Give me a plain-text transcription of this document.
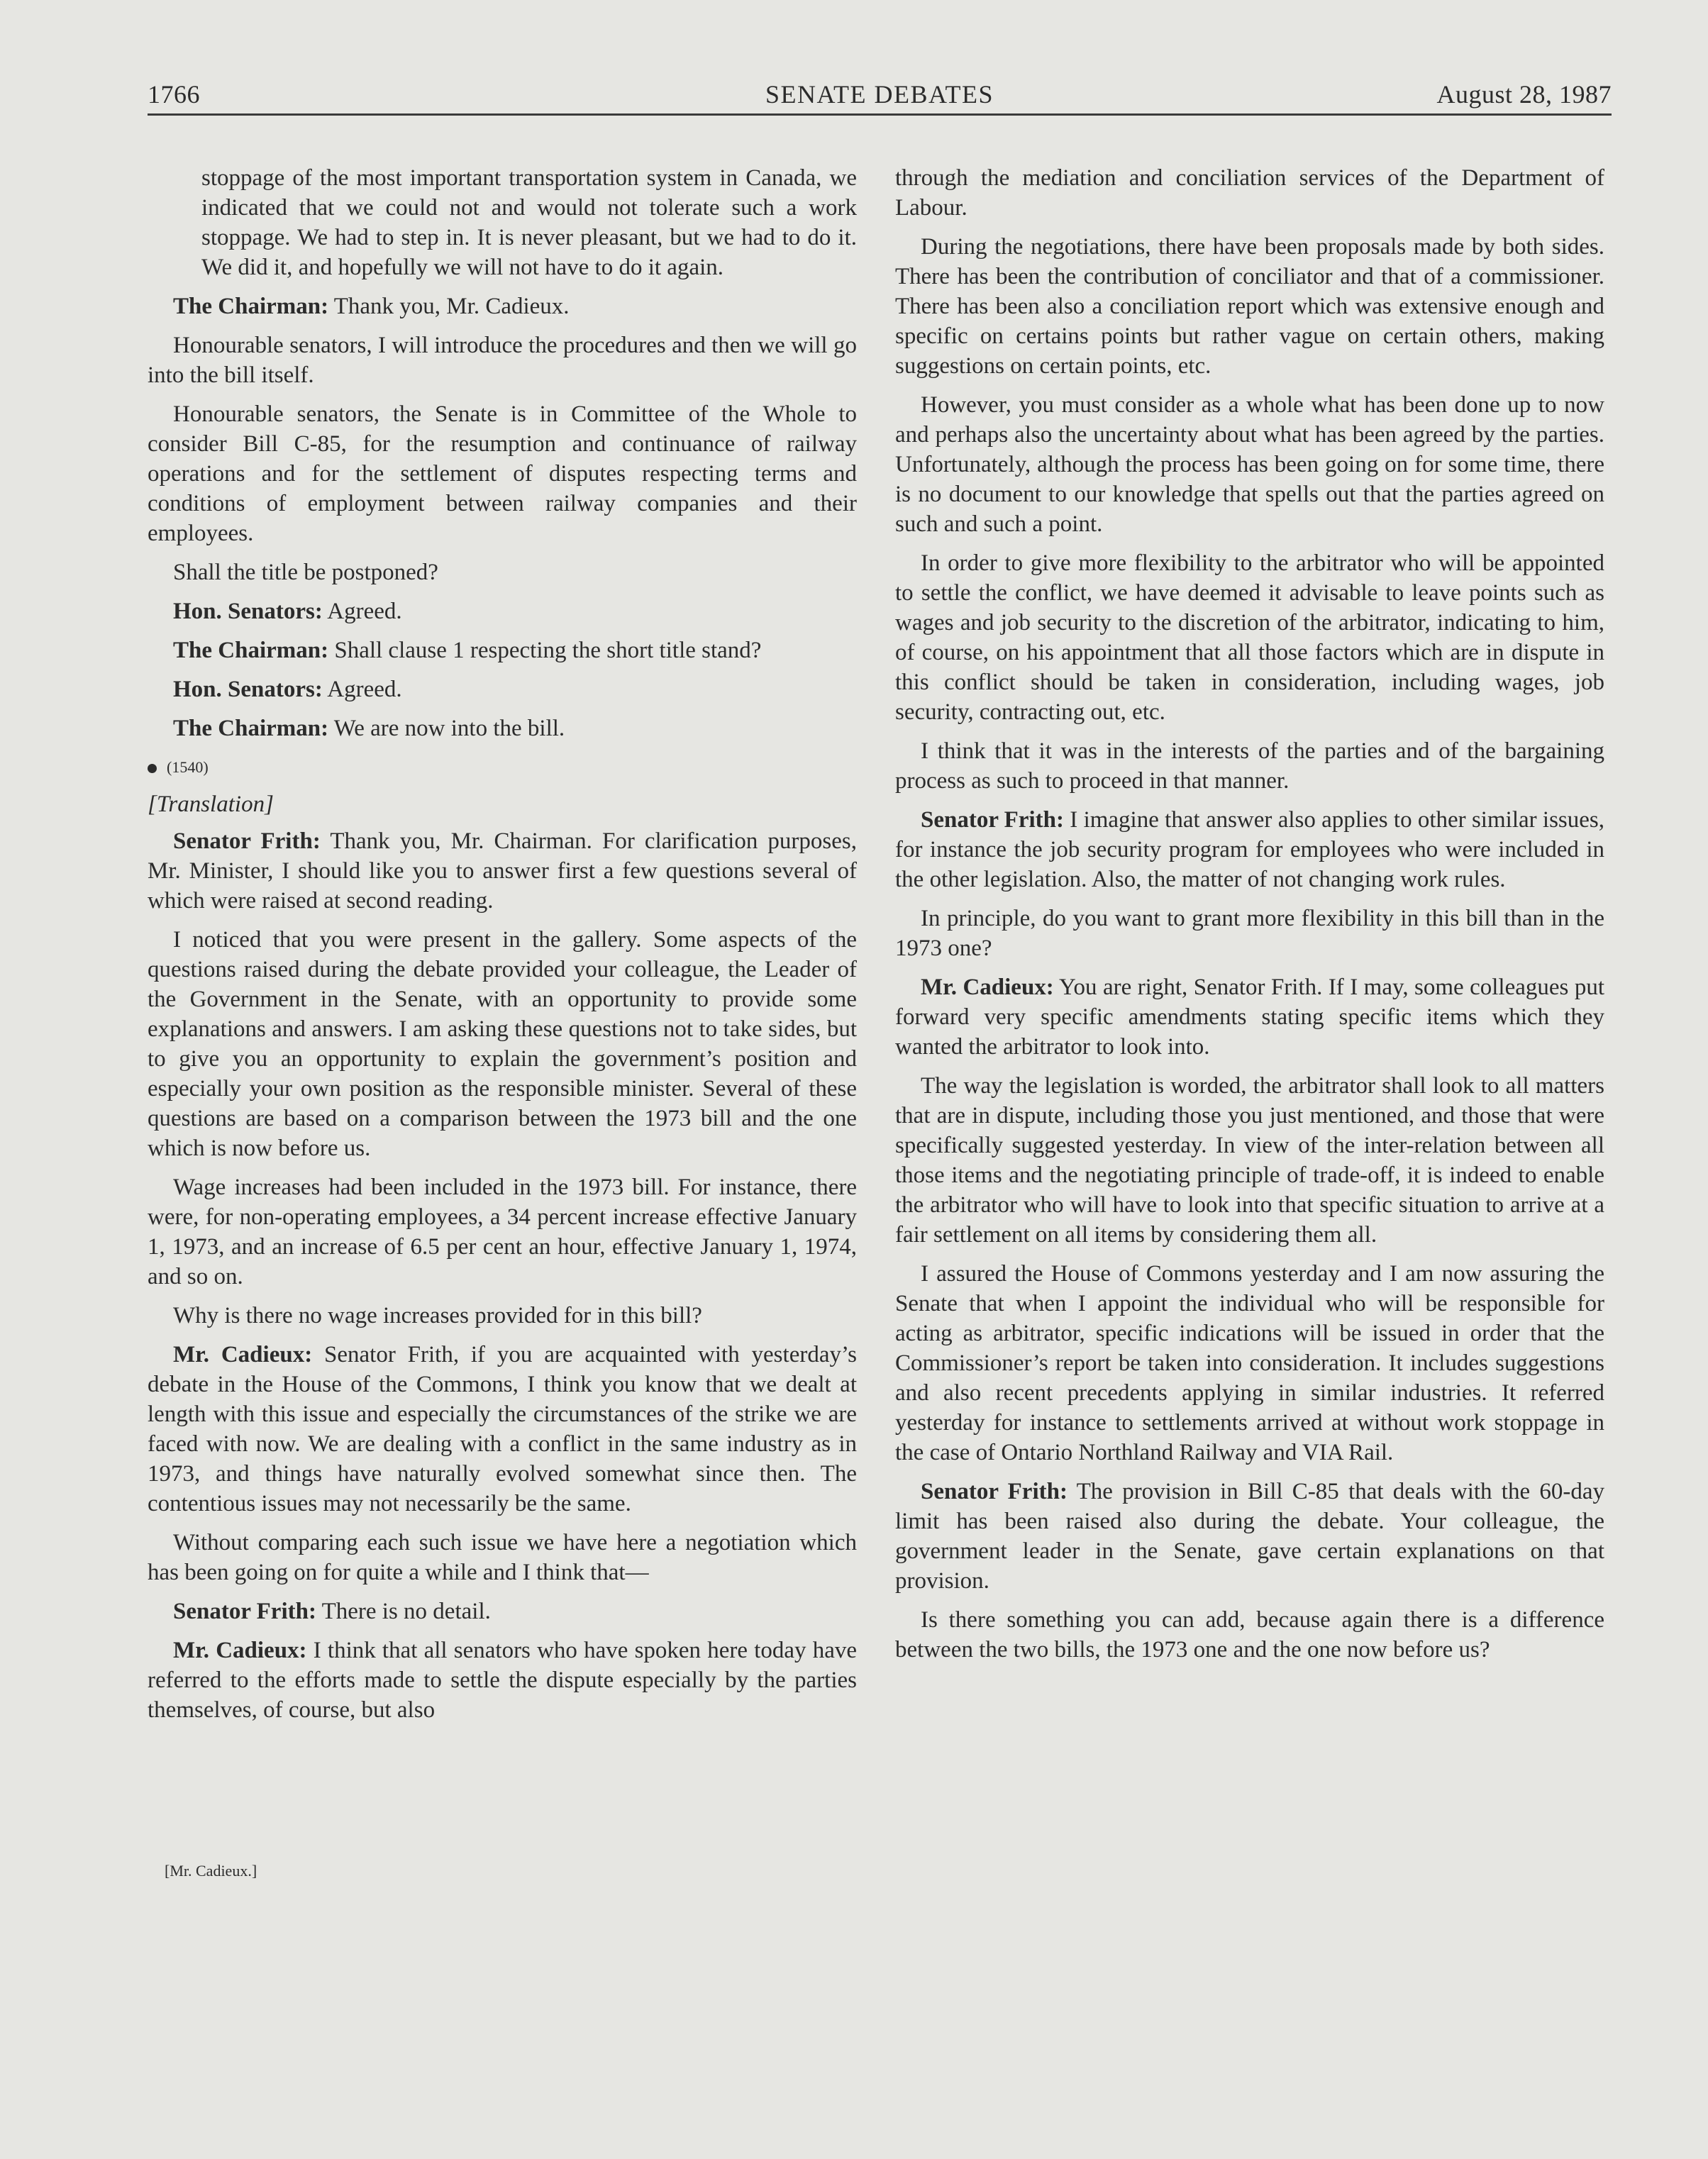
1766	SENATE DEBATES	August 28, 1987

stoppage of the most important transportation system in Canada, we indicated that we could not and would not tolerate such a work stoppage. We had to step in. It is never pleasant, but we had to do it. We did it, and hopefully we will not have to do it again.

The Chairman: Thank you, Mr. Cadieux.

Honourable senators, I will introduce the procedures and then we will go into the bill itself.

Honourable senators, the Senate is in Committee of the Whole to consider Bill C-85, for the resumption and continuance of railway operations and for the settlement of disputes respecting terms and conditions of employment between railway companies and their employees.

Shall the title be postponed?

Hon. Senators: Agreed.

The Chairman: Shall clause 1 respecting the short title stand?

Hon. Senators: Agreed.

The Chairman: We are now into the bill.

(1540)

[Translation]

Senator Frith: Thank you, Mr. Chairman. For clarification purposes, Mr. Minister, I should like you to answer first a few questions several of which were raised at second reading.

I noticed that you were present in the gallery. Some aspects of the questions raised during the debate provided your colleague, the Leader of the Government in the Senate, with an opportunity to provide some explanations and answers. I am asking these questions not to take sides, but to give you an opportunity to explain the government’s position and especially your own position as the responsible minister. Several of these questions are based on a comparison between the 1973 bill and the one which is now before us.

Wage increases had been included in the 1973 bill. For instance, there were, for non-operating employees, a 34 percent increase effective January 1, 1973, and an increase of 6.5 per cent an hour, effective January 1, 1974, and so on.

Why is there no wage increases provided for in this bill?

Mr. Cadieux: Senator Frith, if you are acquainted with yesterday’s debate in the House of the Commons, I think you know that we dealt at length with this issue and especially the circumstances of the strike we are faced with now. We are dealing with a conflict in the same industry as in 1973, and things have naturally evolved somewhat since then. The contentious issues may not necessarily be the same.

Without comparing each such issue we have here a negotiation which has been going on for quite a while and I think that—

Senator Frith: There is no detail.

Mr. Cadieux: I think that all senators who have spoken here today have referred to the efforts made to settle the dispute especially by the parties themselves, of course, but also

through the mediation and conciliation services of the Department of Labour.

During the negotiations, there have been proposals made by both sides. There has been the contribution of conciliator and that of a commissioner. There has been also a conciliation report which was extensive enough and specific on certains points but rather vague on certain others, making suggestions on certain points, etc.

However, you must consider as a whole what has been done up to now and perhaps also the uncertainty about what has been agreed by the parties. Unfortunately, although the process has been going on for some time, there is no document to our knowledge that spells out that the parties agreed on such and such a point.

In order to give more flexibility to the arbitrator who will be appointed to settle the conflict, we have deemed it advisable to leave points such as wages and job security to the discretion of the arbitrator, indicating to him, of course, on his appointment that all those factors which are in dispute in this conflict should be taken in consideration, including wages, job security, contracting out, etc.

I think that it was in the interests of the parties and of the bargaining process as such to proceed in that manner.

Senator Frith: I imagine that answer also applies to other similar issues, for instance the job security program for employees who were included in the other legislation. Also, the matter of not changing work rules.

In principle, do you want to grant more flexibility in this bill than in the 1973 one?

Mr. Cadieux: You are right, Senator Frith. If I may, some colleagues put forward very specific amendments stating specific items which they wanted the arbitrator to look into.

The way the legislation is worded, the arbitrator shall look to all matters that are in dispute, including those you just mentioned, and those that were specifically suggested yesterday. In view of the inter-relation between all those items and the negotiating principle of trade-off, it is indeed to enable the arbitrator who will have to look into that specific situation to arrive at a fair settlement on all items by considering them all.

I assured the House of Commons yesterday and I am now assuring the Senate that when I appoint the individual who will be responsible for acting as arbitrator, specific indications will be issued in order that the Commissioner’s report be taken into consideration. It includes suggestions and also recent precedents applying in similar industries. It referred yesterday for instance to settlements arrived at without work stoppage in the case of Ontario Northland Railway and VIA Rail.

Senator Frith: The provision in Bill C-85 that deals with the 60-day limit has been raised also during the debate. Your colleague, the government leader in the Senate, gave certain explanations on that provision.

Is there something you can add, because again there is a difference between the two bills, the 1973 one and the one now before us?

[Mr. Cadieux.]
